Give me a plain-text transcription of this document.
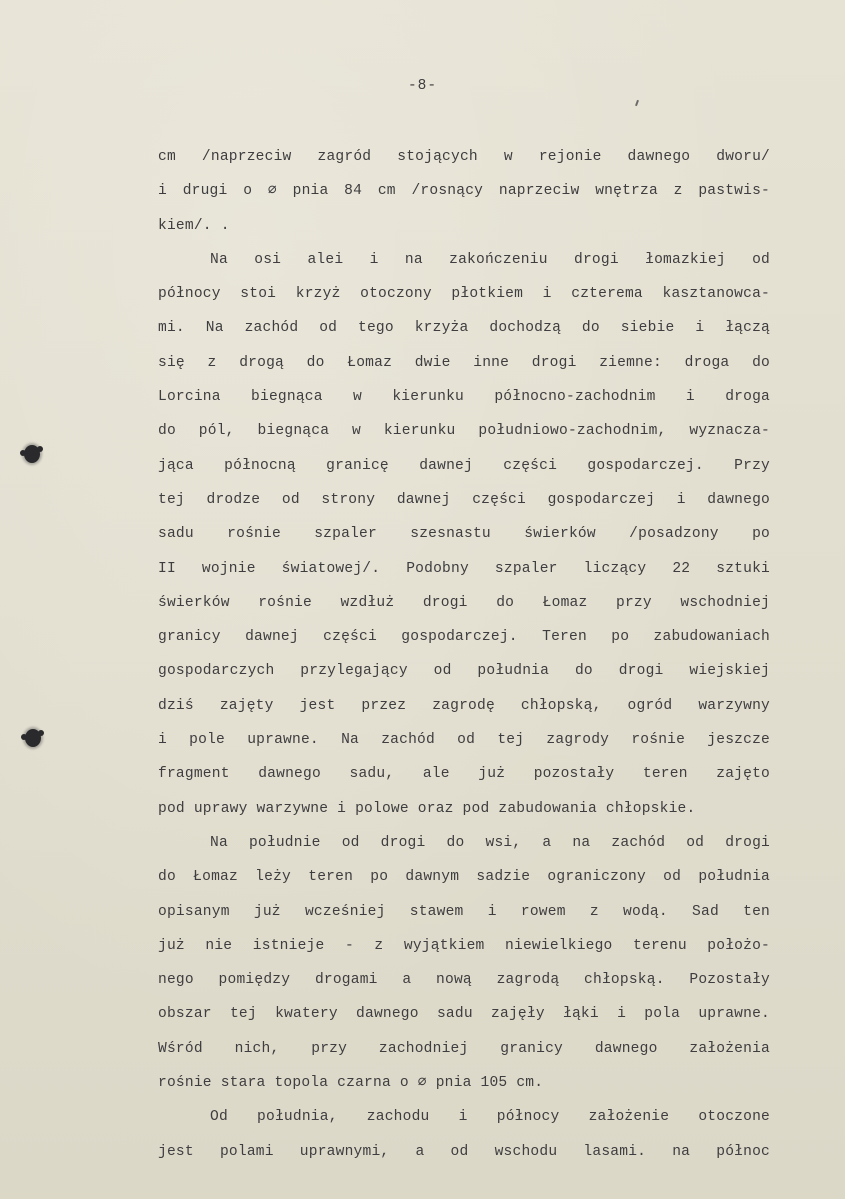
-8-
cm /naprzeciw zagród stojących w rejonie dawnego dworu/
i drugi o ∅ pnia 84 cm /rosnący naprzeciw wnętrza z pastwis-
kiem/. .
Na osi alei i na zakończeniu drogi łomazkiej od
północy stoi krzyż otoczony płotkiem i czterema kasztanowca-
mi. Na zachód od tego krzyża dochodzą do siebie i łączą
się z drogą do Łomaz dwie inne drogi ziemne: droga do
Lorcina biegnąca w kierunku północno-zachodnim i droga
do pól, biegnąca w kierunku południowo-zachodnim, wyznacza-
jąca północną granicę dawnej części gospodarczej. Przy
tej drodze od strony dawnej części gospodarczej i dawnego
sadu rośnie szpaler szesnastu świerków /posadzony po
II wojnie światowej/. Podobny szpaler liczący 22 sztuki
świerków rośnie wzdłuż drogi do Łomaz przy wschodniej
granicy dawnej części gospodarczej. Teren po zabudowaniach
gospodarczych przylegający od południa do drogi wiejskiej
dziś zajęty jest przez zagrodę chłopską, ogród warzywny
i pole uprawne. Na zachód od tej zagrody rośnie jeszcze
fragment dawnego sadu, ale już pozostały teren zajęto
pod uprawy warzywne i polowe oraz pod zabudowania chłopskie.
Na południe od drogi do wsi, a na zachód od drogi
do Łomaz leży teren po dawnym sadzie ograniczony od południa
opisanym już wcześniej stawem i rowem z wodą. Sad ten
już nie istnieje - z wyjątkiem niewielkiego terenu położo-
nego pomiędzy drogami a nową zagrodą chłopską. Pozostały
obszar tej kwatery dawnego sadu zajęły łąki i pola uprawne.
Wśród nich, przy zachodniej granicy dawnego założenia
rośnie stara topola czarna o ∅ pnia 105 cm.
Od południa, zachodu i północy założenie otoczone
jest polami uprawnymi, a od wschodu lasami. na północ
